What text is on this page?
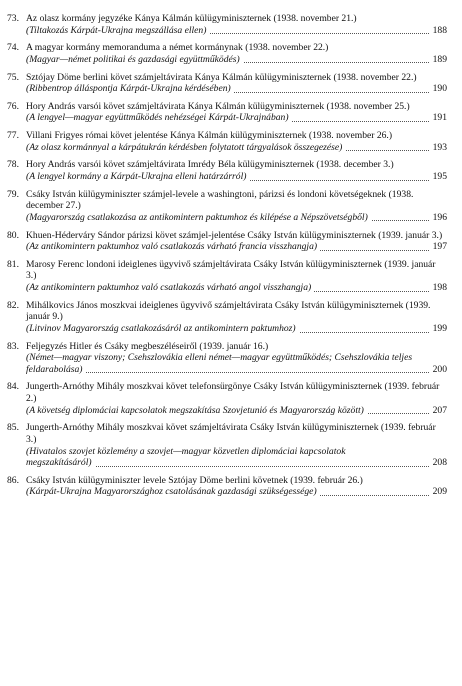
73. Az olasz kormány jegyzéke Kánya Kálmán külügyminiszternek (1938. november 21.)
(Tiltakozás Kárpát-Ukrajna megszállása ellen)	188
74. A magyar kormány memoranduma a német kormánynak (1938. november 22.)
(Magyar—német politikai és gazdasági együttműködés)	189
75. Sztójay Döme berlini követ számjeltávirata Kánya Kálmán külügyminiszternek (1938. november 22.)
(Ribbentrop álláspontja Kárpát-Ukrajna kérdésében)	190
76. Hory András varsói követ számjeltávirata Kánya Kálmán külügyminiszternek (1938. november 25.)
(A lengyel—magyar együttműködés nehézségei Kárpát-Ukrajnában)	191
77. Villani Frigyes római követ jelentése Kánya Kálmán külügyminiszternek (1938. november 26.)
(Az olasz kormánnyal a kárpátukrán kérdésben folytatott tárgyalások összegezése)	193
78. Hory András varsói követ számjeltávirata Imrédy Béla külügyminiszternek (1938. december 3.)
(A lengyel kormány a Kárpát-Ukrajna elleni határzárról)	195
79. Csáky István külügyminiszter számjel-levele a washingtoni, párizsi és londoni követségeknek (1938. december 27.)
(Magyarország csatlakozása az antikomintern paktumhoz és kilépése a Népszövetségből)	196
80. Khuen-Héderváry Sándor párizsi követ számjel-jelentése Csáky István külügyminiszternek (1939. január 3.)
(Az antikomintern paktumhoz való csatlakozás várható francia visszhangja)	197
81. Marosy Ferenc londoni ideiglenes ügyvivő számjeltávirata Csáky István külügyminiszternek (1939. január 3.)
(Az antikomintern paktumhoz való csatlakozás várható angol visszhangja)	198
82. Mihálkovics János moszkvai ideiglenes ügyvivő számjeltávirata Csáky István külügyminiszternek (1939. január 9.)
(Litvinov Magyarország csatlakozásáról az antikomintern paktumhoz)	199
83. Feljegyzés Hitler és Csáky megbeszéléseiről (1939. január 16.)
(Német—magyar viszony; Csehszlovákia elleni német—magyar együttműködés; Csehszlovákia teljes feldarabolása)	200
84. Jungerth-Arnóthy Mihály moszkvai követ telefonsürgönye Csáky István külügyminiszternek (1939. február 2.)
(A követség diplomáciai kapcsolatok megszakítása Szovjetunió és Magyarország között)	207
85. Jungerth-Arnóthy Mihály moszkvai követ számjeltávirata Csáky István külügyminiszternek (1939. február 3.)
(Hivatalos szovjet közlemény a szovjet—magyar közvetlen diplomáciai kapcsolatok megszakításáról)	208
86. Csáky István külügyminiszter levele Sztójay Döme berlini követnek (1939. február 26.)
(Kárpát-Ukrajna Magyarországhoz csatolásának gazdasági szükségessége)	209
